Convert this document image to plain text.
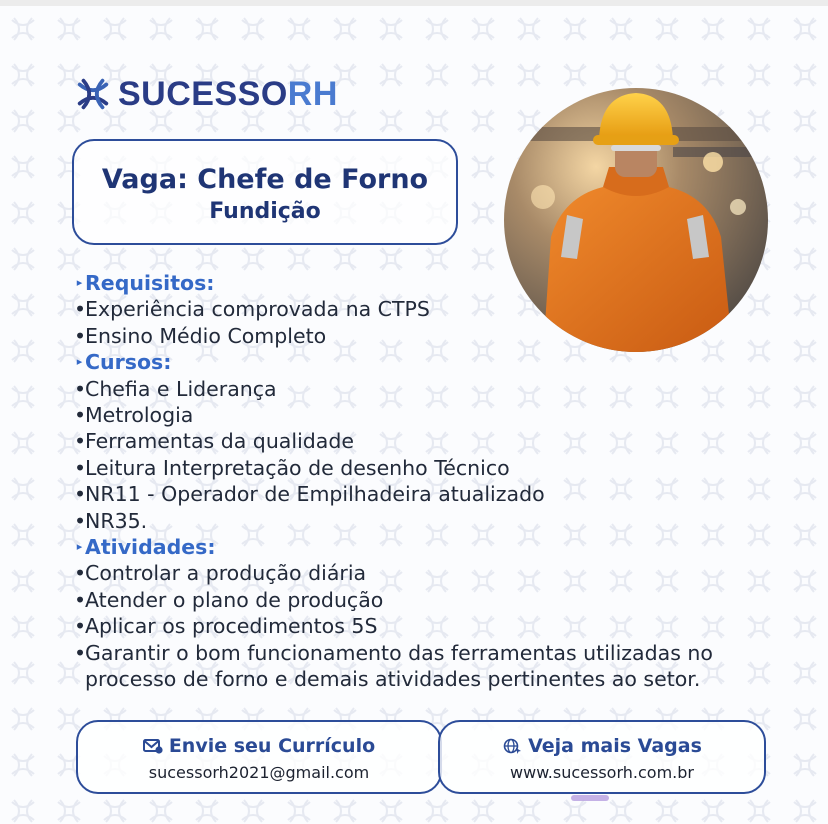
SUCESSORH
Vaga: Chefe de Forno
Fundição
▸ Requisitos:
•
Experiência comprovada na CTPS
•
Ensino Médio Completo
▸ Cursos:
•
Chefia e Liderança
•
Metrologia
•
Ferramentas da qualidade
•
Leitura Interpretação de desenho Técnico
•
NR11 - Operador de Empilhadeira atualizado
•
NR35.
▸ Atividades:
•
Controlar a produção diária
•
Atender o plano de produção
•
Aplicar os procedimentos 5S
•
Garantir o bom funcionamento das ferramentas utilizadas no processo de forno e demais atividades pertinentes ao setor.
Envie seu Currículo
sucessorh2021@gmail.com
Veja mais Vagas
www.sucessorh.com.br
